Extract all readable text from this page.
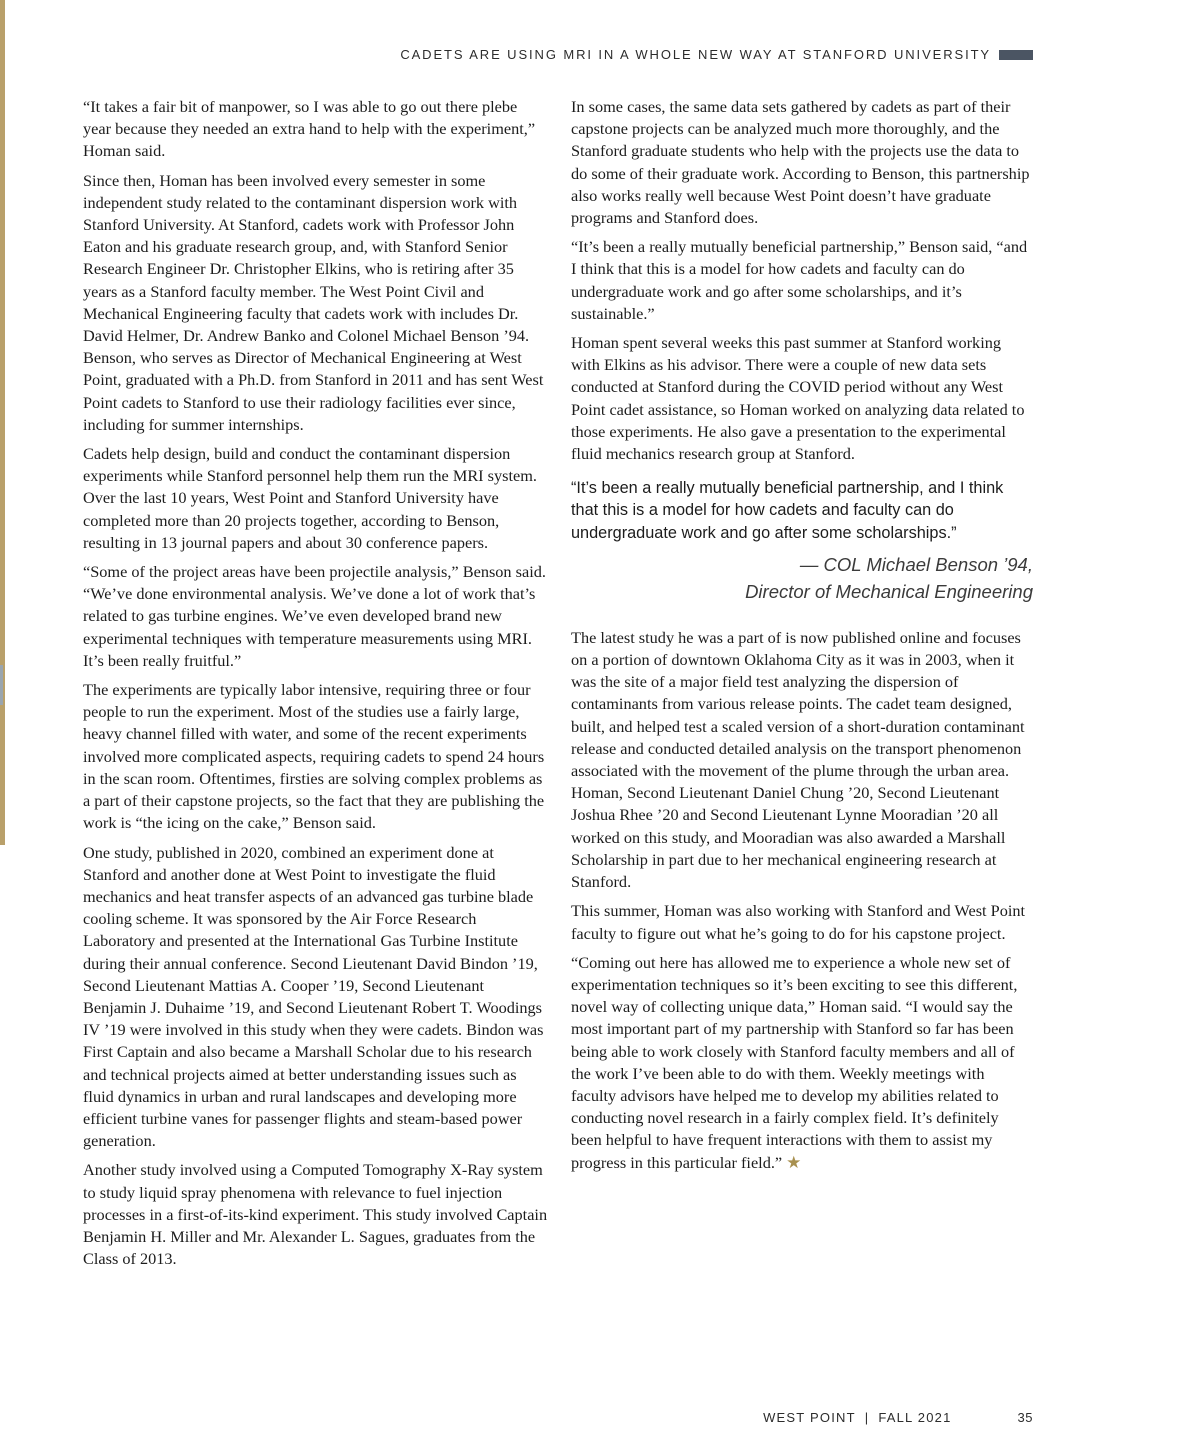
CADETS ARE USING MRI IN A WHOLE NEW WAY AT STANFORD UNIVERSITY

“It takes a fair bit of manpower, so I was able to go out there plebe year because they needed an extra hand to help with the experiment,” Homan said.

Since then, Homan has been involved every semester in some independent study related to the contaminant dispersion work with Stanford University. At Stanford, cadets work with Professor John Eaton and his graduate research group, and, with Stanford Senior Research Engineer Dr. Christopher Elkins, who is retiring after 35 years as a Stanford faculty member. The West Point Civil and Mechanical Engineering faculty that cadets work with includes Dr. David Helmer, Dr. Andrew Banko and Colonel Michael Benson ’94. Benson, who serves as Director of Mechanical Engineering at West Point, graduated with a Ph.D. from Stanford in 2011 and has sent West Point cadets to Stanford to use their radiology facilities ever since, including for summer internships.

Cadets help design, build and conduct the contaminant dispersion experiments while Stanford personnel help them run the MRI system. Over the last 10 years, West Point and Stanford University have completed more than 20 projects together, according to Benson, resulting in 13 journal papers and about 30 conference papers.

“Some of the project areas have been projectile analysis,” Benson said. “We’ve done environmental analysis. We’ve done a lot of work that’s related to gas turbine engines. We’ve even developed brand new experimental techniques with temperature measurements using MRI. It’s been really fruitful.”

The experiments are typically labor intensive, requiring three or four people to run the experiment. Most of the studies use a fairly large, heavy channel filled with water, and some of the recent experiments involved more complicated aspects, requiring cadets to spend 24 hours in the scan room. Oftentimes, firsties are solving complex problems as a part of their capstone projects, so the fact that they are publishing the work is “the icing on the cake,” Benson said.

One study, published in 2020, combined an experiment done at Stanford and another done at West Point to investigate the fluid mechanics and heat transfer aspects of an advanced gas turbine blade cooling scheme. It was sponsored by the Air Force Research Laboratory and presented at the International Gas Turbine Institute during their annual conference. Second Lieutenant David Bindon ’19, Second Lieutenant Mattias A. Cooper ’19, Second Lieutenant Benjamin J. Duhaime ’19, and Second Lieutenant Robert T. Woodings IV ’19 were involved in this study when they were cadets. Bindon was First Captain and also became a Marshall Scholar due to his research and technical projects aimed at better understanding issues such as fluid dynamics in urban and rural landscapes and developing more efficient turbine vanes for passenger flights and steam-based power generation.

Another study involved using a Computed Tomography X-Ray system to study liquid spray phenomena with relevance to fuel injection processes in a first-of-its-kind experiment. This study involved Captain Benjamin H. Miller and Mr. Alexander L. Sagues, graduates from the Class of 2013.

In some cases, the same data sets gathered by cadets as part of their capstone projects can be analyzed much more thoroughly, and the Stanford graduate students who help with the projects use the data to do some of their graduate work. According to Benson, this partnership also works really well because West Point doesn’t have graduate programs and Stanford does.

“It’s been a really mutually beneficial partnership,” Benson said, “and I think that this is a model for how cadets and faculty can do undergraduate work and go after some scholarships, and it’s sustainable.”

Homan spent several weeks this past summer at Stanford working with Elkins as his advisor. There were a couple of new data sets conducted at Stanford during the COVID period without any West Point cadet assistance, so Homan worked on analyzing data related to those experiments. He also gave a presentation to the experimental fluid mechanics research group at Stanford.

“It’s been a really mutually beneficial partnership, and I think that this is a model for how cadets and faculty can do undergraduate work and go after some scholarships.”

— COL Michael Benson ’94,
Director of Mechanical Engineering

The latest study he was a part of is now published online and focuses on a portion of downtown Oklahoma City as it was in 2003, when it was the site of a major field test analyzing the dispersion of contaminants from various release points. The cadet team designed, built, and helped test a scaled version of a short-duration contaminant release and conducted detailed analysis on the transport phenomenon associated with the movement of the plume through the urban area. Homan, Second Lieutenant Daniel Chung ’20, Second Lieutenant Joshua Rhee ’20 and Second Lieutenant Lynne Mooradian ’20 all worked on this study, and Mooradian was also awarded a Marshall Scholarship in part due to her mechanical engineering research at Stanford.

This summer, Homan was also working with Stanford and West Point faculty to figure out what he’s going to do for his capstone project.

“Coming out here has allowed me to experience a whole new set of experimentation techniques so it’s been exciting to see this different, novel way of collecting unique data,” Homan said. “I would say the most important part of my partnership with Stanford so far has been being able to work closely with Stanford faculty members and all of the work I’ve been able to do with them. Weekly meetings with faculty advisors have helped me to develop my abilities related to conducting novel research in a fairly complex field. It’s definitely been helpful to have frequent interactions with them to assist my progress in this particular field.” ★

WEST POINT | FALL 2021	35
